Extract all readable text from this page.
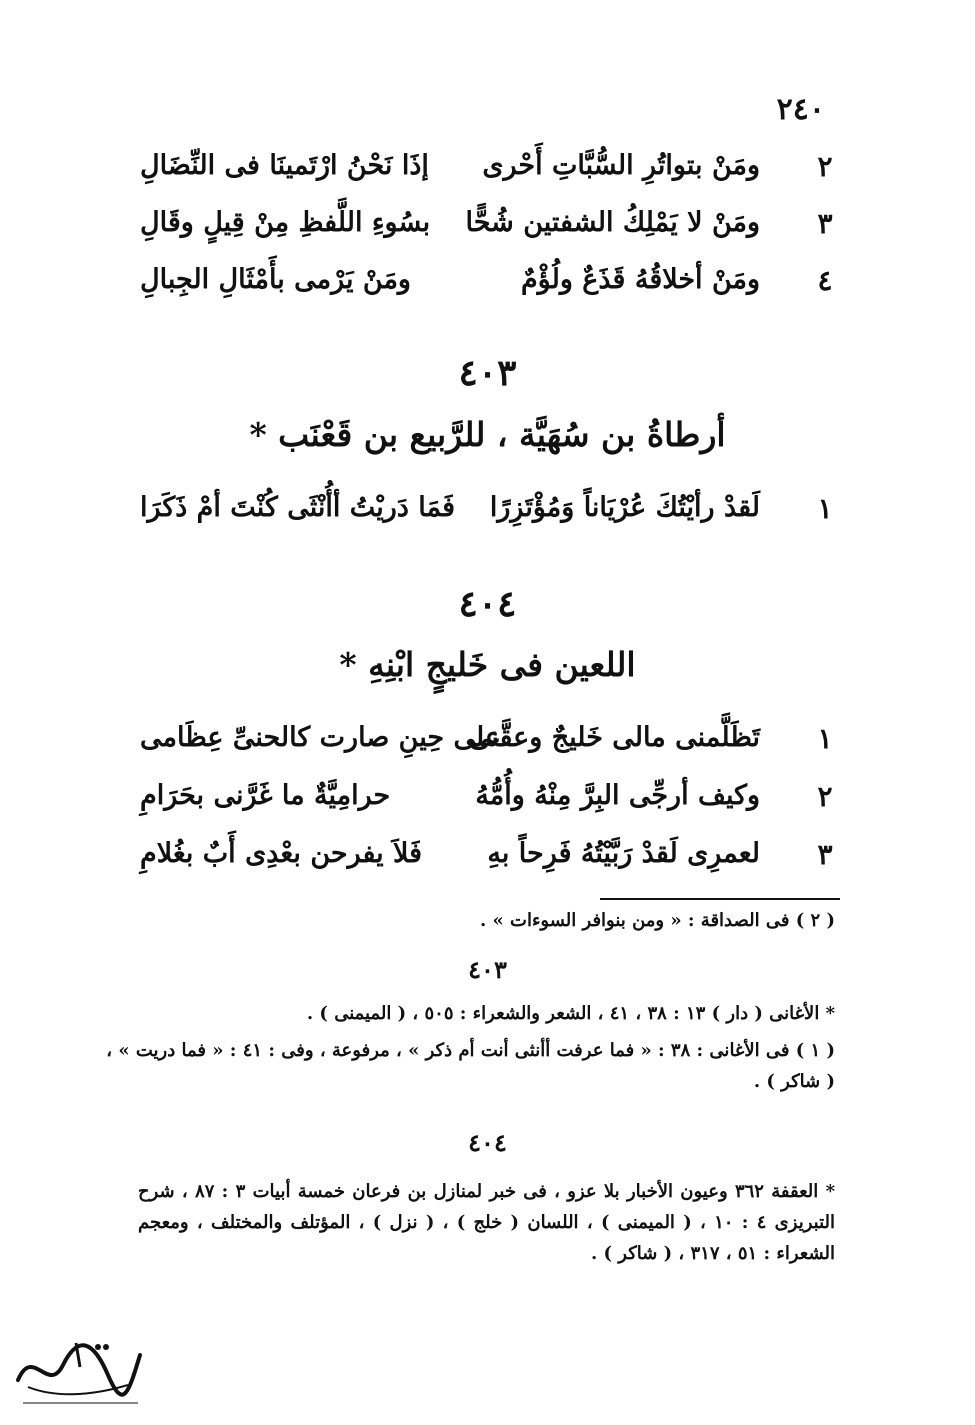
٢٤٠
٢
ومَنْ بتواتُرِ السُّبَّاتِ أَحْرى
إذَا نَحْنُ ارْتَمينَا فى النِّضَالِ
٣
ومَنْ لا يَمْلِكُ الشفتين شُحًّا
بسُوءِ اللَّفظِ مِنْ قِيلٍ وقَالِ
٤
ومَنْ أخلاقُهُ قَذَعٌ ولُؤْمٌ
ومَنْ يَرْمى بأَمْثَالِ الجِبالِ
٤٠٣
أرطاةُ بن سُهَيَّة ، للرَّبيع بن قَعْنَب *
١
لَقدْ رأيْتُكَ عُرْيَاناً وَمُؤْتَزِرًا
فَمَا دَريْتُ أأُنْثَى كُنْتَ أمْ ذَكَرَا
٤٠٤
اللعين فى خَليجٍ ابْنِهِ *
١
تَظَلَّمنى مالى خَليجٌ وعقَّنى
على حِينِ صارت كالحنىِّ عِظَامى
٢
وكيف أرجِّى البِرَّ مِنْهُ وأُمُّهُ
حرامِيَّةٌ ما غَرَّنى بحَرَامِ
٣
لعمرِى لَقدْ رَبَّيْتُهُ فَرِحاً بهِ
فَلاَ يفرحن بعْدِى أَبٌ بغُلامِ
( ٢ ) فى الصداقة : « ومن بنوافر السوءات » .
٤٠٣
* الأغانى ( دار ) ١٣ : ٣٨ ، ٤١ ، الشعر والشعراء : ٥٠٥ ، ( الميمنى ) .
( ١ ) فى الأغانى : ٣٨ : « فما عرفت أأنثى أنت أم ذكر » ، مرفوعة ، وفى : ٤١ : « فما دريت » ،
( شاكر ) .
٤٠٤
* العقفة ٣٦٢ وعيون الأخبار بلا عزو ، فى خبر لمنازل بن فرعان خمسة أبيات ٣ : ٨٧ ، شرح التبريزى ٤ : ١٠ ، ( الميمنى ) ، اللسان ( خلج ) ، ( نزل ) ، المؤتلف والمختلف ، ومعجم الشعراء : ٥١ ، ٣١٧ ، ( شاكر ) .
